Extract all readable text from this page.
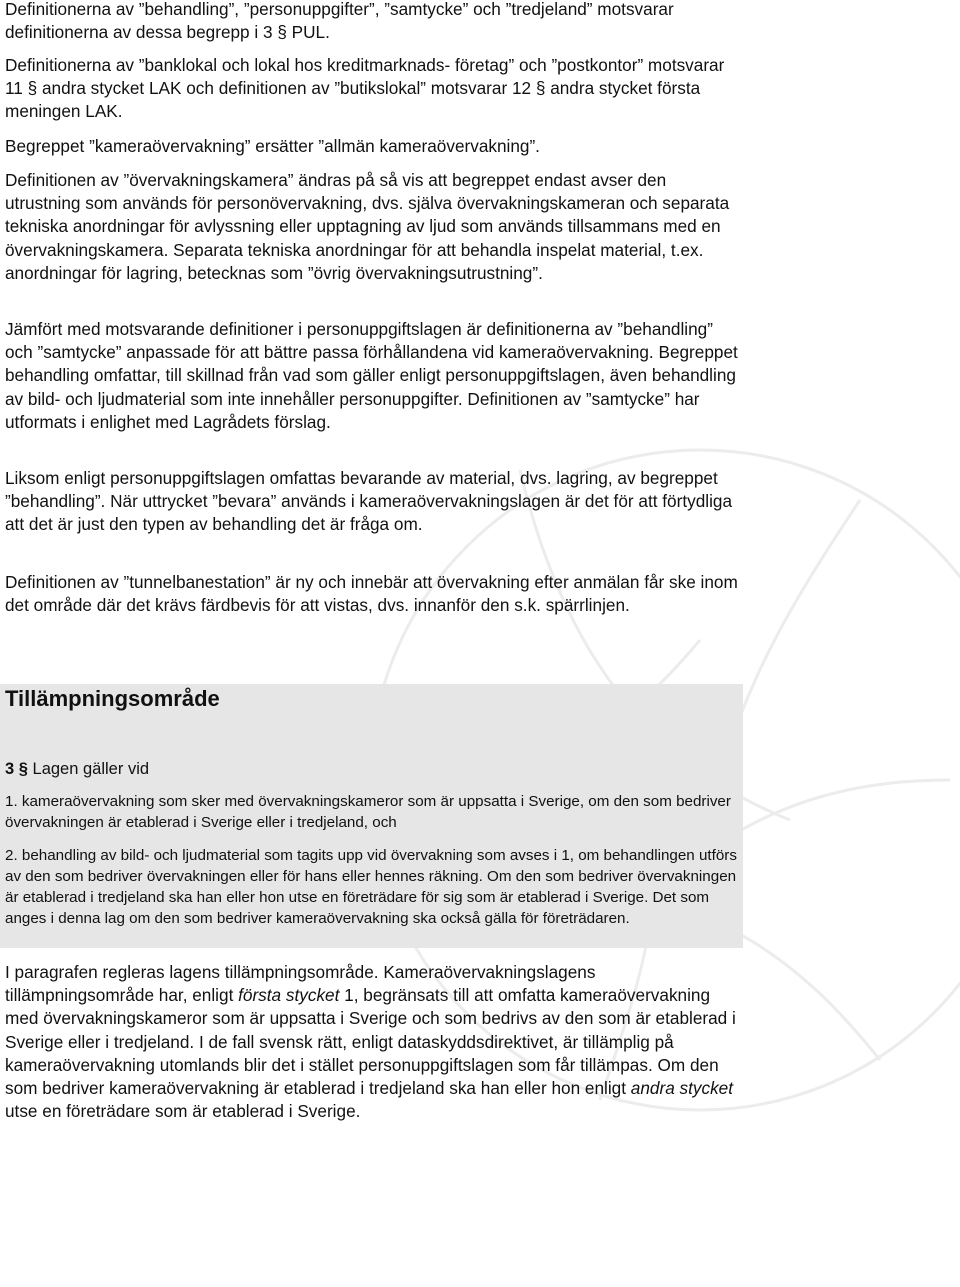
Definitionerna av ”behandling”, ”personuppgifter”, ”samtycke” och ”tredjeland” motsvarar definitionerna av dessa begrepp i 3 § PUL.

Definitionerna av ”banklokal och lokal hos kreditmarknads- företag” och ”postkontor” motsvarar 11 § andra stycket LAK och definitionen av ”butikslokal” motsvarar 12 § andra stycket första meningen LAK.

Begreppet ”kameraövervakning” ersätter ”allmän kameraövervakning”.

Definitionen av ”övervakningskamera” ändras på så vis att begreppet endast avser den utrustning som används för personövervakning, dvs. själva övervakningskameran och separata tekniska anordningar för avlyssning eller upptagning av ljud som används tillsammans med en övervakningskamera. Separata tekniska anordningar för att behandla inspelat material, t.ex. anordningar för lagring, betecknas som ”övrig övervakningsutrustning”.

Jämfört med motsvarande definitioner i personuppgiftslagen är definitionerna av ”behandling” och ”samtycke” anpassade för att bättre passa förhållandena vid kameraövervakning. Begreppet behandling omfattar, till skillnad från vad som gäller enligt personuppgiftslagen, även behandling av bild- och ljudmaterial som inte innehåller personuppgifter. Definitionen av ”samtycke” har utformats i enlighet med Lagrådets förslag.

Liksom enligt personuppgiftslagen omfattas bevarande av material, dvs. lagring, av begreppet ”behandling”. När uttrycket ”bevara” används i kameraövervakningslagen är det för att förtydliga att det är just den typen av behandling det är fråga om.

Definitionen av ”tunnelbanestation” är ny och innebär att övervakning efter anmälan får ske inom det område där det krävs färdbevis för att vistas, dvs. innanför den s.k. spärrlinjen.

Tillämpningsområde

3 § Lagen gäller vid

1. kameraövervakning som sker med övervakningskameror som är uppsatta i Sverige, om den som bedriver övervakningen är etablerad i Sverige eller i tredjeland, och

2. behandling av bild- och ljudmaterial som tagits upp vid övervakning som avses i 1, om behandlingen utförs av den som bedriver övervakningen eller för hans eller hennes räkning. Om den som bedriver övervakningen är etablerad i tredjeland ska han eller hon utse en företrädare för sig som är etablerad i Sverige. Det som anges i denna lag om den som bedriver kameraövervakning ska också gälla för företrädaren.

I paragrafen regleras lagens tillämpningsområde. Kameraövervakningslagens tillämpningsområde har, enligt första stycket 1, begränsats till att omfatta kameraövervakning med övervakningskameror som är uppsatta i Sverige och som bedrivs av den som är etablerad i Sverige eller i tredjeland. I de fall svensk rätt, enligt dataskyddsdirektivet, är tillämplig på kameraövervakning utomlands blir det i stället personuppgiftslagen som får tillämpas. Om den som bedriver kameraövervakning är etablerad i tredjeland ska han eller hon enligt andra stycket utse en företrädare som är etablerad i Sverige.
